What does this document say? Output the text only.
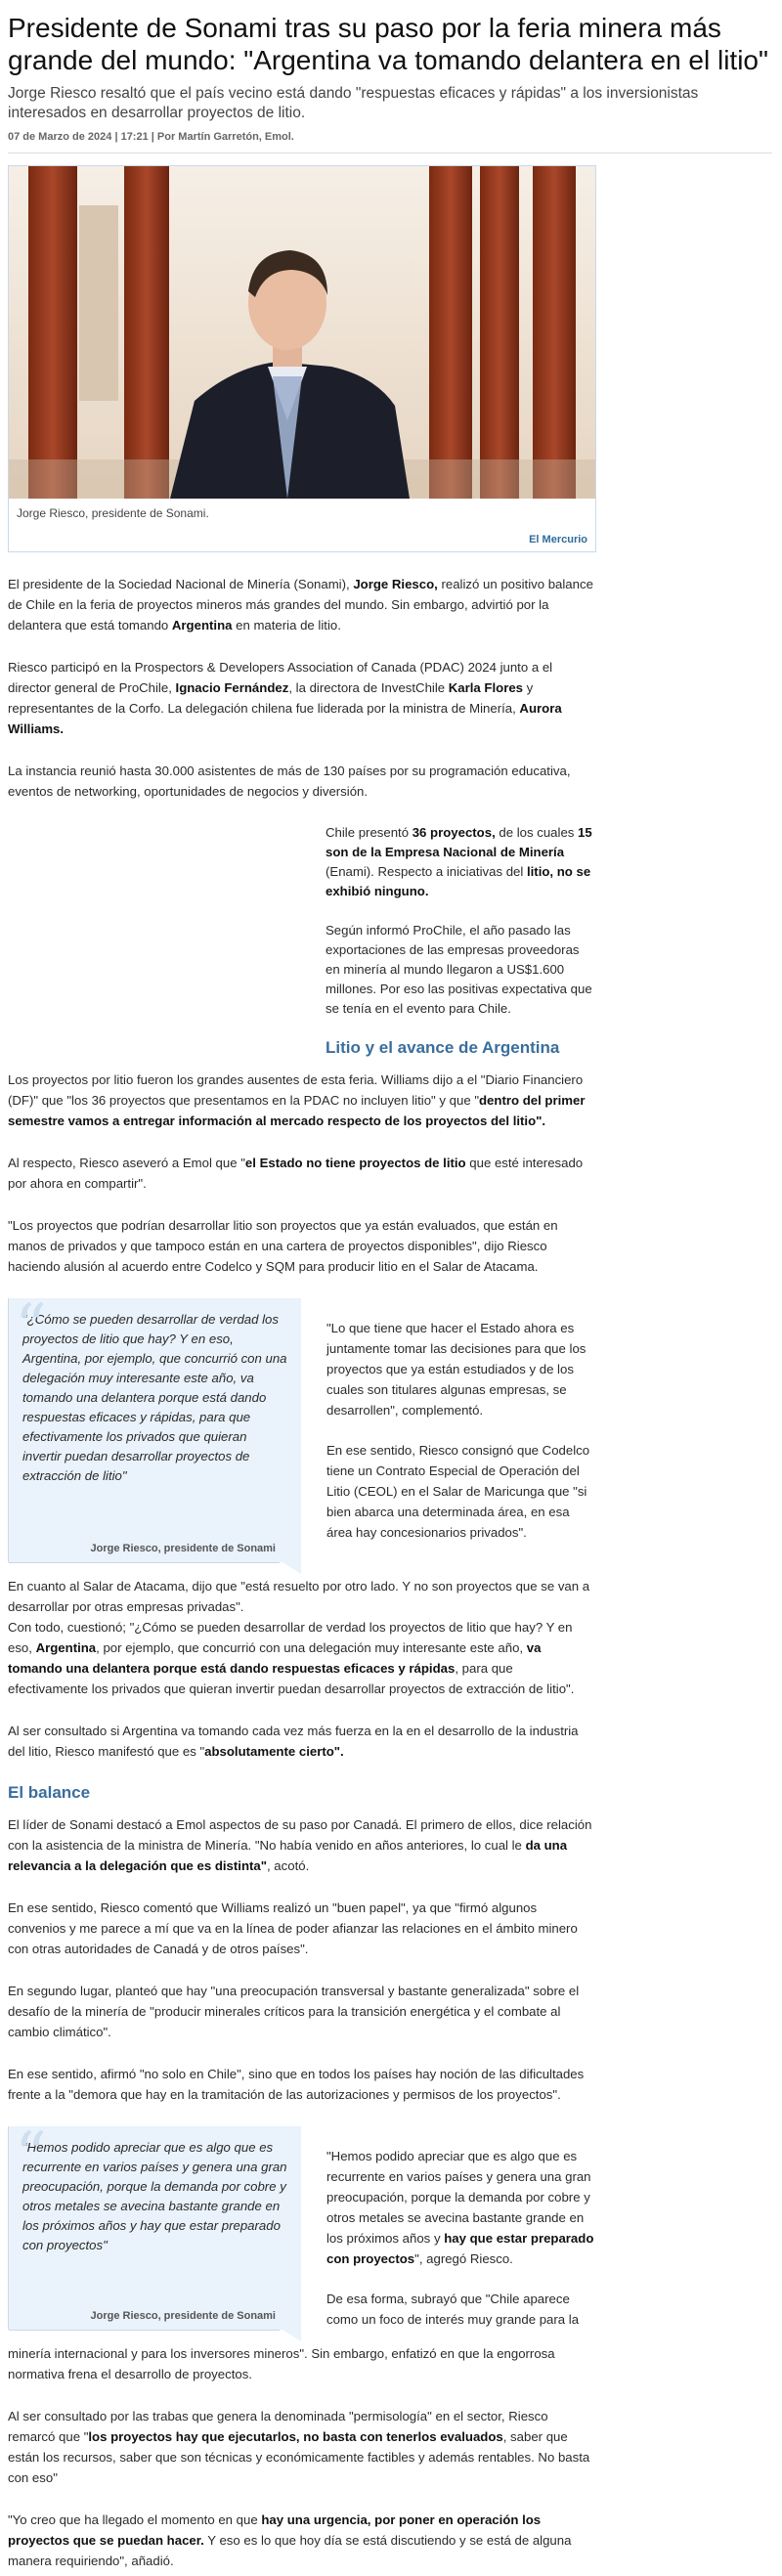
Presidente de Sonami tras su paso por la feria minera más grande del mundo: "Argentina va tomando delantera en el litio"
Jorge Riesco resaltó que el país vecino está dando "respuestas eficaces y rápidas" a los inversionistas interesados en desarrollar proyectos de litio.
07 de Marzo de 2024 | 17:21 | Por Martín Garretón, Emol.
Jorge Riesco, presidente de Sonami.
El Mercurio

El presidente de la Sociedad Nacional de Minería (Sonami), Jorge Riesco, realizó un positivo balance de Chile en la feria de proyectos mineros más grandes del mundo. Sin embargo, advirtió por la delantera que está tomando Argentina en materia de litio.

Riesco participó en la Prospectors & Developers Association of Canada (PDAC) 2024 junto a el director general de ProChile, Ignacio Fernández, la directora de InvestChile Karla Flores y representantes de la Corfo. La delegación chilena fue liderada por la ministra de Minería, Aurora Williams.

La instancia reunió hasta 30.000 asistentes de más de 130 países por su programación educativa, eventos de networking, oportunidades de negocios y diversión.

Chile presentó 36 proyectos, de los cuales 15 son de la Empresa Nacional de Minería (Enami). Respecto a iniciativas del litio, no se exhibió ninguno.

Según informó ProChile, el año pasado las exportaciones de las empresas proveedoras en minería al mundo llegaron a US$1.600 millones. Por eso las positivas expectativa que se tenía en el evento para Chile.

Litio y el avance de Argentina

Los proyectos por litio fueron los grandes ausentes de esta feria. Williams dijo a el "Diario Financiero (DF)" que "los 36 proyectos que presentamos en la PDAC no incluyen litio" y que "dentro del primer semestre vamos a entregar información al mercado respecto de los proyectos del litio".

Al respecto, Riesco aseveró a Emol que "el Estado no tiene proyectos de litio que esté interesado por ahora en compartir".

"Los proyectos que podrían desarrollar litio son proyectos que ya están evaluados, que están en manos de privados y que tampoco están en una cartera de proyectos disponibles", dijo Riesco haciendo alusión al acuerdo entre Codelco y SQM para producir litio en el Salar de Atacama.

“
"¿Cómo se pueden desarrollar de verdad los proyectos de litio que hay? Y en eso, Argentina, por ejemplo, que concurrió con una delegación muy interesante este año, va tomando una delantera porque está dando respuestas eficaces y rápidas, para que efectivamente los privados que quieran invertir puedan desarrollar proyectos de extracción de litio"
Jorge Riesco, presidente de Sonami

"Lo que tiene que hacer el Estado ahora es juntamente tomar las decisiones para que los proyectos que ya están estudiados y de los cuales son titulares algunas empresas, se desarrollen", complementó.

En ese sentido, Riesco consignó que Codelco tiene un Contrato Especial de Operación del Litio (CEOL) en el Salar de Maricunga que "si bien abarca una determinada área, en esa área hay concesionarios privados".

En cuanto al Salar de Atacama, dijo que "está resuelto por otro lado. Y no son proyectos que se van a desarrollar por otras empresas privadas".
Con todo, cuestionó; "¿Cómo se pueden desarrollar de verdad los proyectos de litio que hay? Y en eso, Argentina, por ejemplo, que concurrió con una delegación muy interesante este año, va tomando una delantera porque está dando respuestas eficaces y rápidas, para que efectivamente los privados que quieran invertir puedan desarrollar proyectos de extracción de litio".

Al ser consultado si Argentina va tomando cada vez más fuerza en la en el desarrollo de la industria del litio, Riesco manifestó que es "absolutamente cierto".

El balance

El líder de Sonami destacó a Emol aspectos de su paso por Canadá. El primero de ellos, dice relación con la asistencia de la ministra de Minería. "No había venido en años anteriores, lo cual le da una relevancia a la delegación que es distinta", acotó.

En ese sentido, Riesco comentó que Williams realizó un "buen papel", ya que "firmó algunos convenios y me parece a mí que va en la línea de poder afianzar las relaciones en el ámbito minero con otras autoridades de Canadá y de otros países".

En segundo lugar, planteó que hay "una preocupación transversal y bastante generalizada" sobre el desafío de la minería de "producir minerales críticos para la transición energética y el combate al cambio climático".

En ese sentido, afirmó "no solo en Chile", sino que en todos los países hay noción de las dificultades frente a la "demora que hay en la tramitación de las autorizaciones y permisos de los proyectos".

“
"Hemos podido apreciar que es algo que es recurrente en varios países y genera una gran preocupación, porque la demanda por cobre y otros metales se avecina bastante grande en los próximos años y hay que estar preparado con proyectos"
Jorge Riesco, presidente de Sonami

"Hemos podido apreciar que es algo que es recurrente en varios países y genera una gran preocupación, porque la demanda por cobre y otros metales se avecina bastante grande en los próximos años y hay que estar preparado con proyectos", agregó Riesco.

De esa forma, subrayó que "Chile aparece como un foco de interés muy grande para la

minería internacional y para los inversores mineros". Sin embargo, enfatizó en que la engorrosa normativa frena el desarrollo de proyectos.

Al ser consultado por las trabas que genera la denominada "permisología" en el sector, Riesco remarcó que "los proyectos hay que ejecutarlos, no basta con tenerlos evaluados, saber que están los recursos, saber que son técnicas y económicamente factibles y además rentables. No basta con eso"

"Yo creo que ha llegado el momento en que hay una urgencia, por poner en operación los proyectos que se puedan hacer. Y eso es lo que hoy día se está discutiendo y se está de alguna manera requiriendo", añadió.
